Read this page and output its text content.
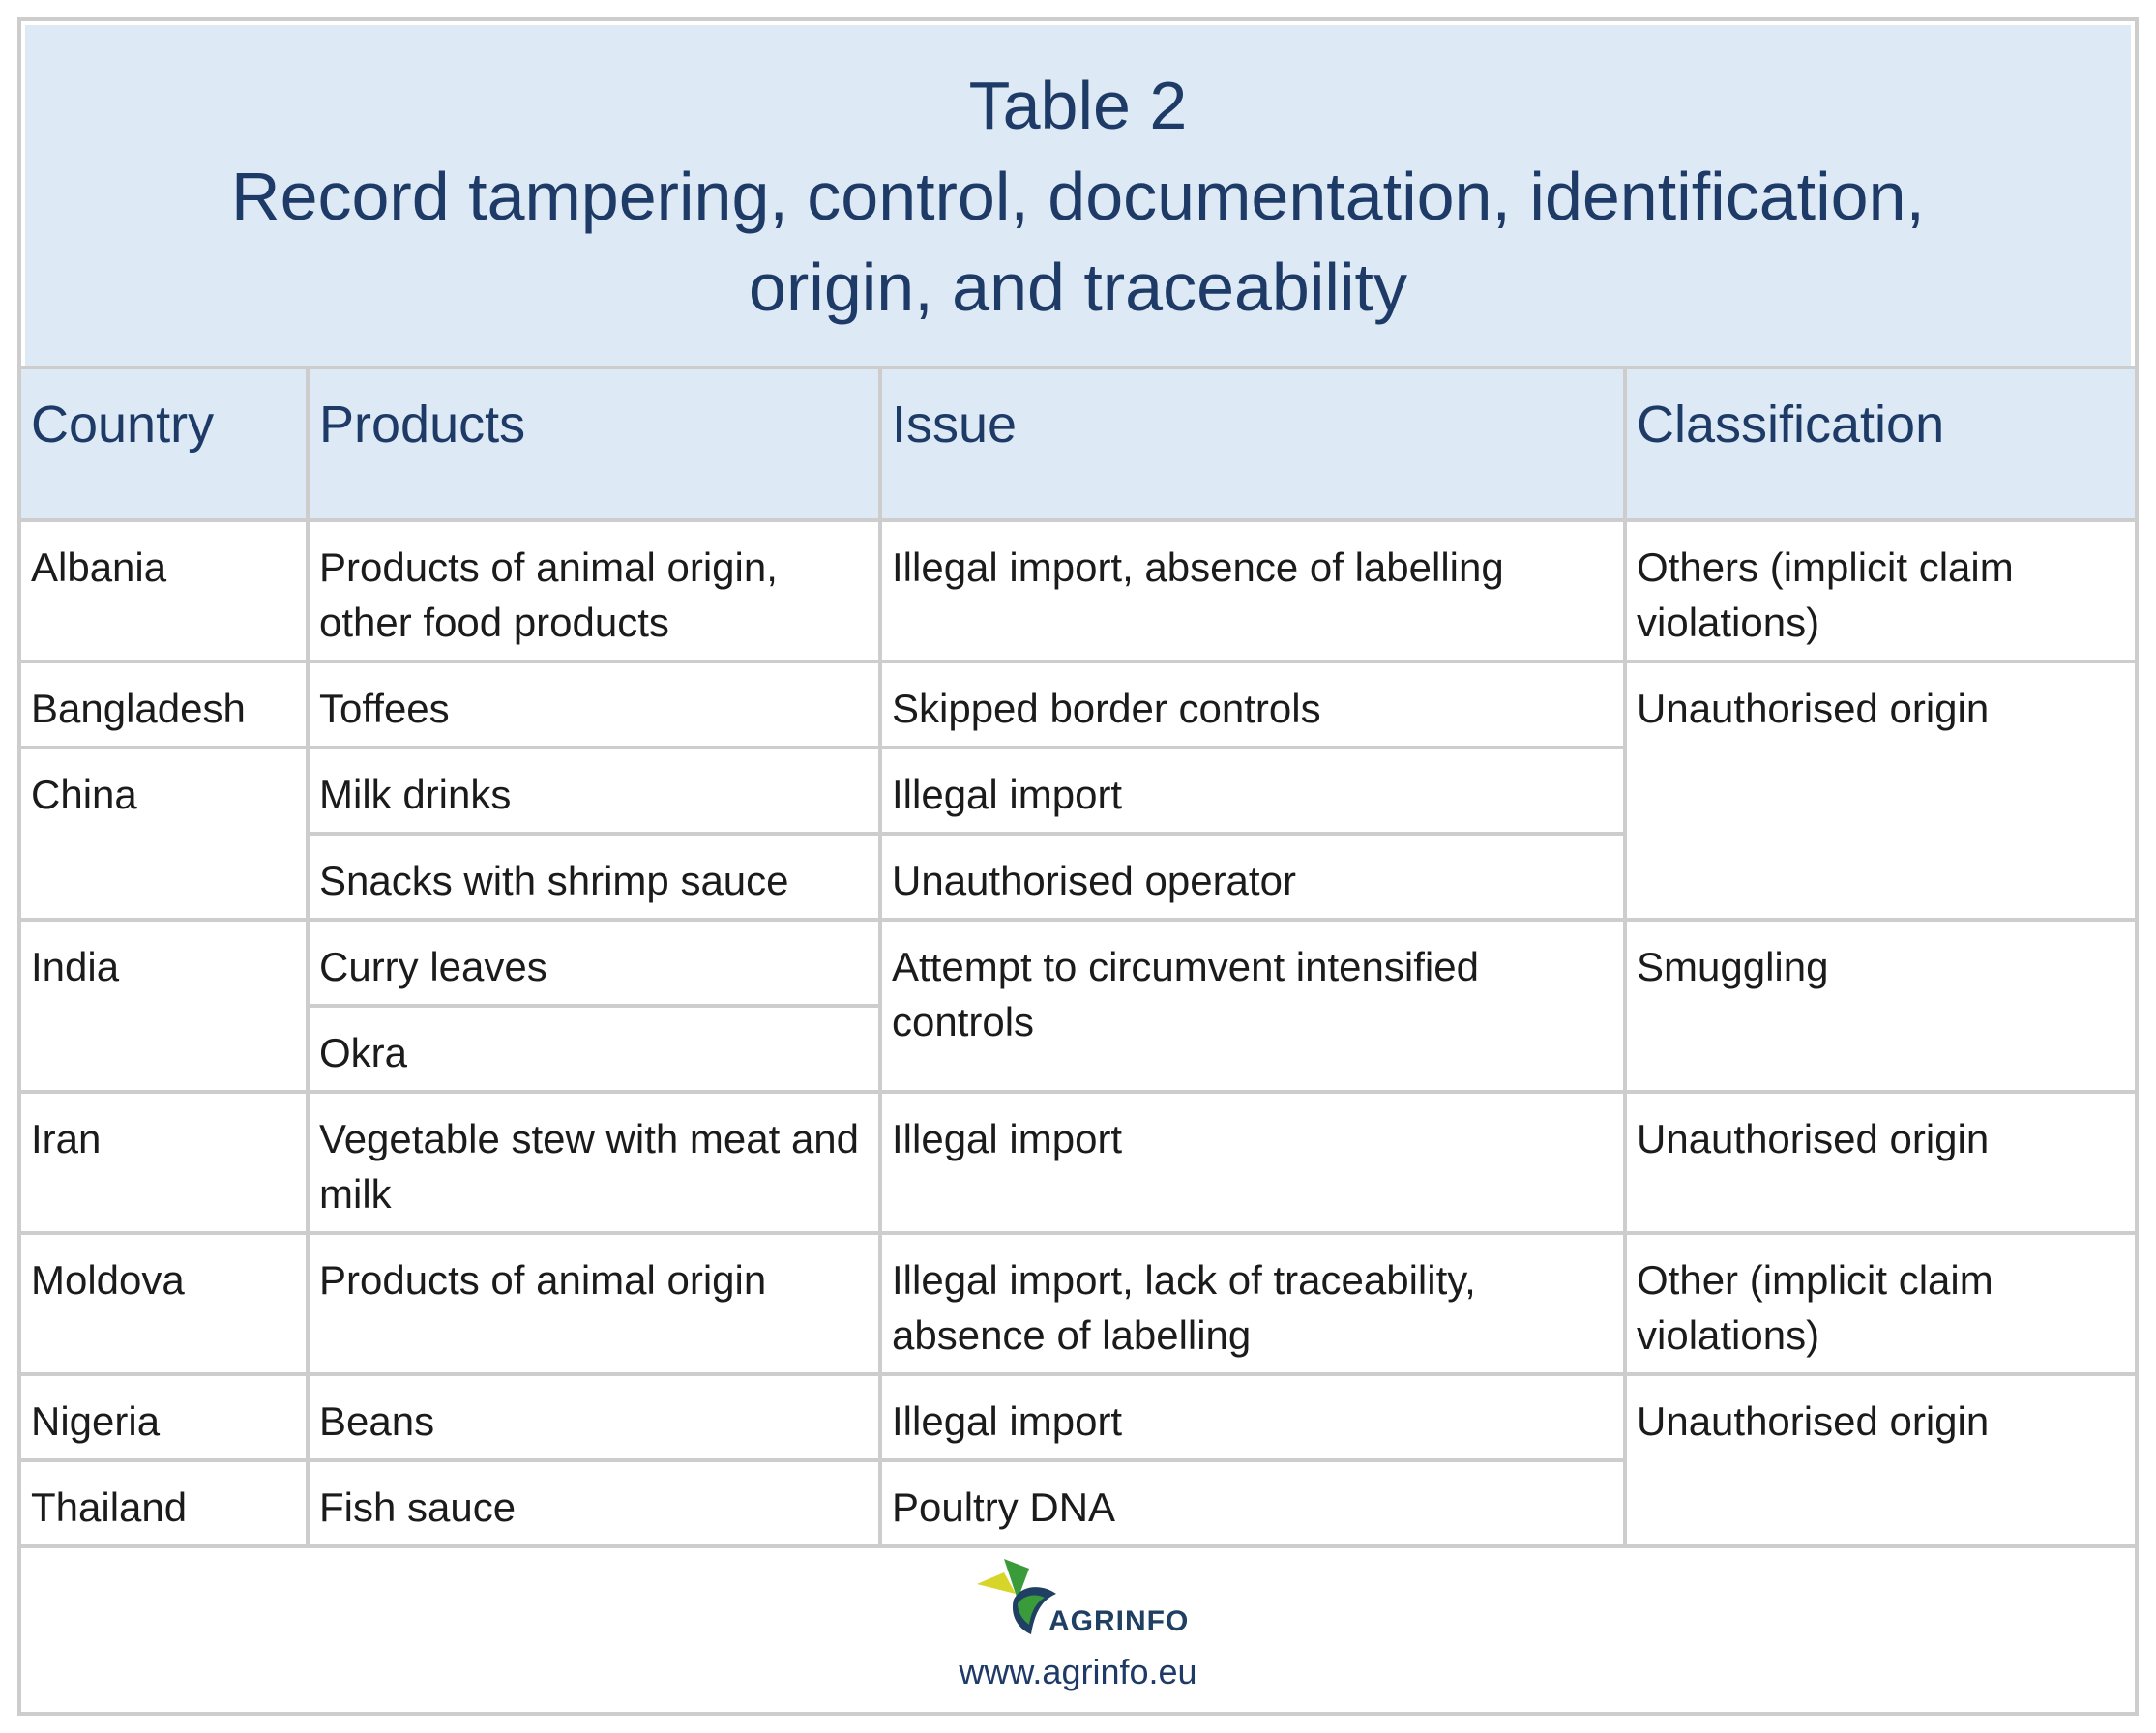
Table 2
Record tampering, control, documentation, identification,
origin, and traceability
Country	Products	Issue	Classification
Albania	Products of animal origin, other food products	Illegal import, absence of labelling	Others (implicit claim violations)
Bangladesh	Toffees	Skipped border controls	Unauthorised origin
China	Milk drinks	Illegal import	
	Snacks with shrimp sauce	Unauthorised operator	
India	Curry leaves	Attempt to circumvent intensified controls	Smuggling
	Okra		
Iran	Vegetable stew with meat and milk	Illegal import	Unauthorised origin
Moldova	Products of animal origin	Illegal import, lack of traceability, absence of labelling	Other (implicit claim violations)
Nigeria	Beans	Illegal import	Unauthorised origin
Thailand	Fish sauce	Poultry DNA	
AGRINFO
www.agrinfo.eu
